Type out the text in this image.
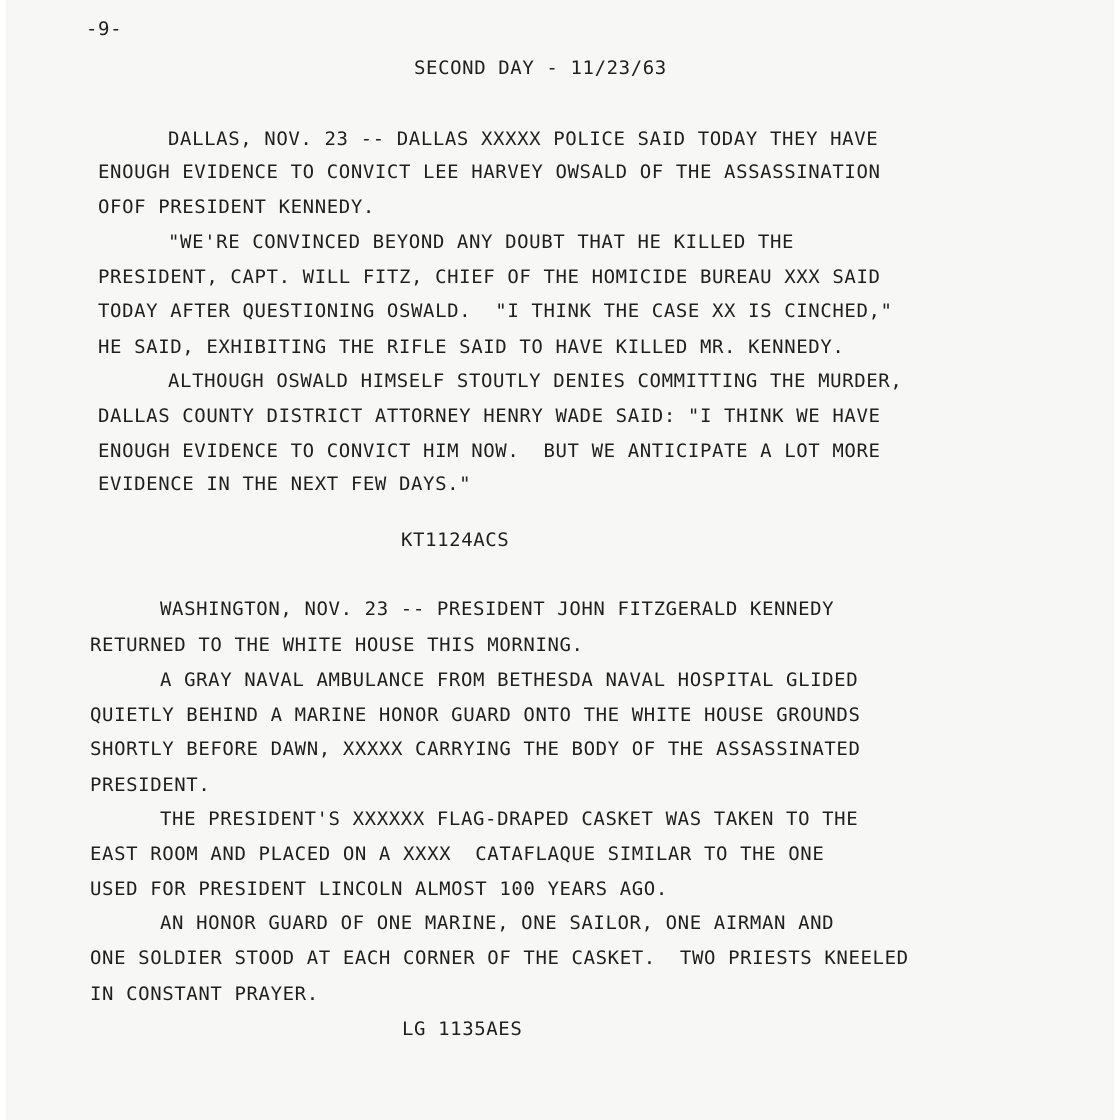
-9-
SECOND DAY - 11/23/63
DALLAS, NOV. 23 -- DALLAS XXXXX POLICE SAID TODAY THEY HAVE
ENOUGH EVIDENCE TO CONVICT LEE HARVEY OWSALD OF THE ASSASSINATION
OFOF PRESIDENT KENNEDY.
"WE'RE CONVINCED BEYOND ANY DOUBT THAT HE KILLED THE
PRESIDENT, CAPT. WILL FITZ, CHIEF OF THE HOMICIDE BUREAU XXX SAID
TODAY AFTER QUESTIONING OSWALD.  "I THINK THE CASE XX IS CINCHED,"
HE SAID, EXHIBITING THE RIFLE SAID TO HAVE KILLED MR. KENNEDY.
ALTHOUGH OSWALD HIMSELF STOUTLY DENIES COMMITTING THE MURDER,
DALLAS COUNTY DISTRICT ATTORNEY HENRY WADE SAID: "I THINK WE HAVE
ENOUGH EVIDENCE TO CONVICT HIM NOW.  BUT WE ANTICIPATE A LOT MORE
EVIDENCE IN THE NEXT FEW DAYS."
KT1124ACS
WASHINGTON, NOV. 23 -- PRESIDENT JOHN FITZGERALD KENNEDY
RETURNED TO THE WHITE HOUSE THIS MORNING.
A GRAY NAVAL AMBULANCE FROM BETHESDA NAVAL HOSPITAL GLIDED
QUIETLY BEHIND A MARINE HONOR GUARD ONTO THE WHITE HOUSE GROUNDS
SHORTLY BEFORE DAWN, XXXXX CARRYING THE BODY OF THE ASSASSINATED
PRESIDENT.
THE PRESIDENT'S XXXXXX FLAG-DRAPED CASKET WAS TAKEN TO THE
EAST ROOM AND PLACED ON A XXXX  CATAFLAQUE SIMILAR TO THE ONE
USED FOR PRESIDENT LINCOLN ALMOST 100 YEARS AGO.
AN HONOR GUARD OF ONE MARINE, ONE SAILOR, ONE AIRMAN AND
ONE SOLDIER STOOD AT EACH CORNER OF THE CASKET.  TWO PRIESTS KNEELED
IN CONSTANT PRAYER.
LG 1135AES
